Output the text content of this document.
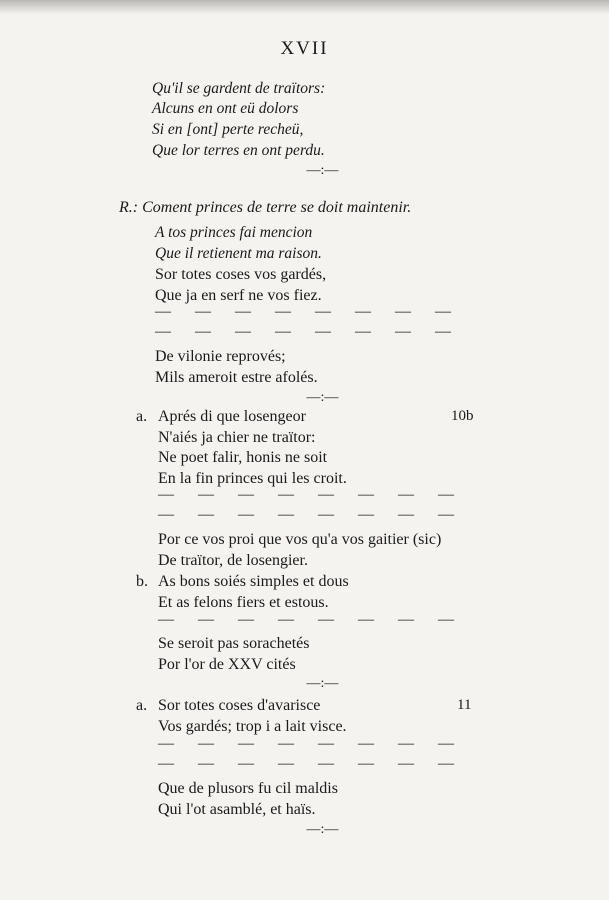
XVII
Qu'il se gardent de traïtors:
Alcuns en ont eü dolors
Si en [ont] perte recheü,
Que lor terres en ont perdu.
—:—
R.: Coment princes de terre se doit maintenir.
A tos princes fai mencion
Que il retienent ma raison.
Sor totes coses vos gardés,
Que ja en serf ne vos fiez.
— — — — — — — —
— — — — — — — —
De vilonie reprovés;
Mils ameroit estre afolés.
—:—
a.	10b
Aprés di que losengeor
N'aiés ja chier ne traïtor:
Ne poet falir, honis ne soit
En la fin princes qui les croit.
— — — — — — — —
— — — — — — — —
Por ce vos proi que vos qu'a vos gaitier (sic)
De traïtor, de losengier.
b. As bons soiés simples et dous
Et as felons fiers et estous.
— — — — — — — —
Se seroit pas sorachetés
Por l'or de XXV cités
—:—
a.	11
Sor totes coses d'avarisce
Vos gardés; trop i a lait visce.
— — — — — — — —
— — — — — — — —
Que de plusors fu cil maldis
Qui l'ot asamblé, et haïs.
—:—
